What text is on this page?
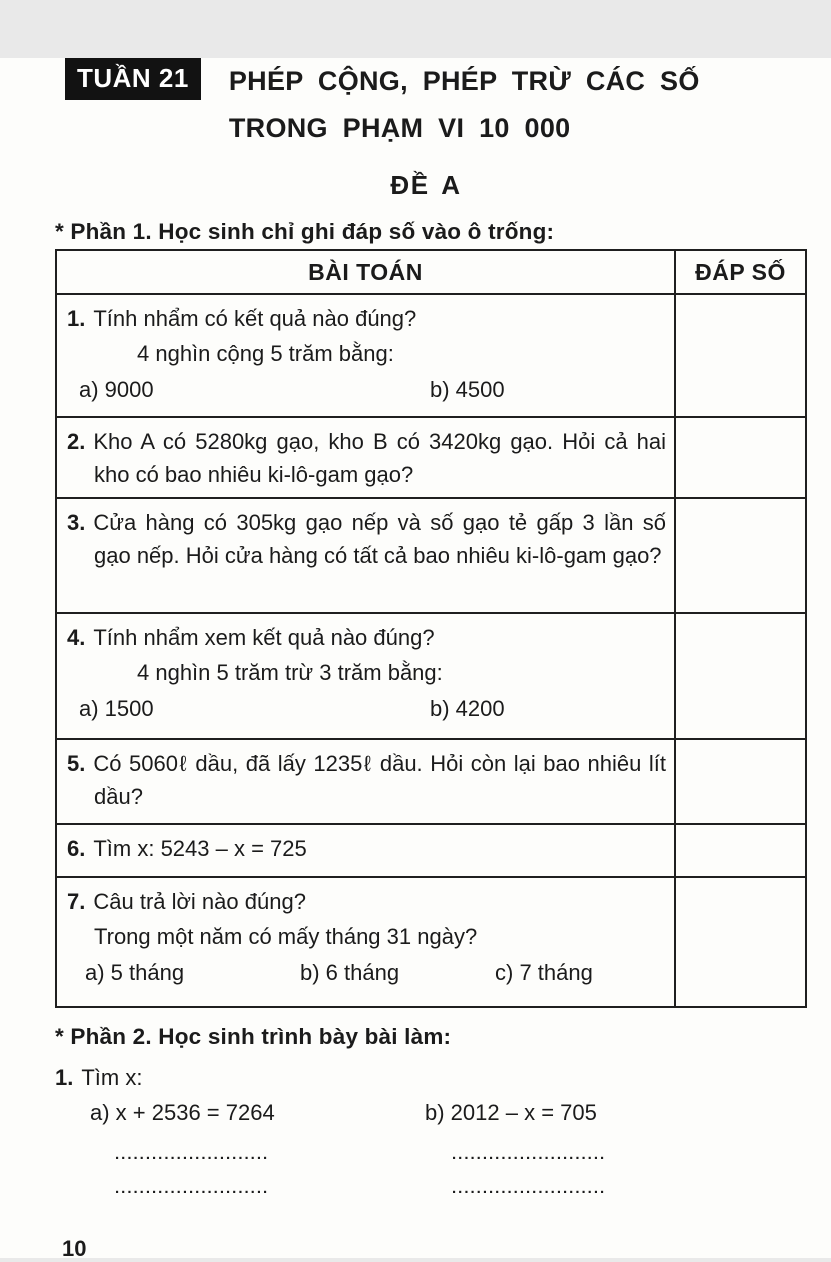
TUẦN 21	PHÉP CỘNG, PHÉP TRỪ CÁC SỐ
TRONG PHẠM VI 10 000
ĐỀ A
* Phần 1. Học sinh chỉ ghi đáp số vào ô trống:
BÀI TOÁN	ĐÁP SỐ

1. Tính nhẩm có kết quả nào đúng?

4 nghìn cộng 5 trăm bằng:

a) 9000 b) 4500	

2. Kho A có 5280kg gạo, kho B có 3420kg gạo. Hỏi cả hai kho có bao nhiêu ki-lô-gam gạo?	

3. Cửa hàng có 305kg gạo nếp và số gạo tẻ gấp 3 lần số gạo nếp. Hỏi cửa hàng có tất cả bao nhiêu ki-lô-gam gạo?	

4. Tính nhẩm xem kết quả nào đúng?

4 nghìn 5 trăm trừ 3 trăm bằng:

a) 1500 b) 4200	

5. Có 5060ℓ dầu, đã lấy 1235ℓ dầu. Hỏi còn lại bao nhiêu lít dầu?	

6. Tìm x: 5243 – x = 725	

7. Câu trả lời nào đúng?

Trong một năm có mấy tháng 31 ngày?

a) 5 tháng b) 6 tháng c) 7 tháng	

* Phần 2. Học sinh trình bày bài làm:

1. Tìm x:

a) x + 2536 = 7264	b) 2012 – x = 705
.........................	.........................
.........................	.........................
10
